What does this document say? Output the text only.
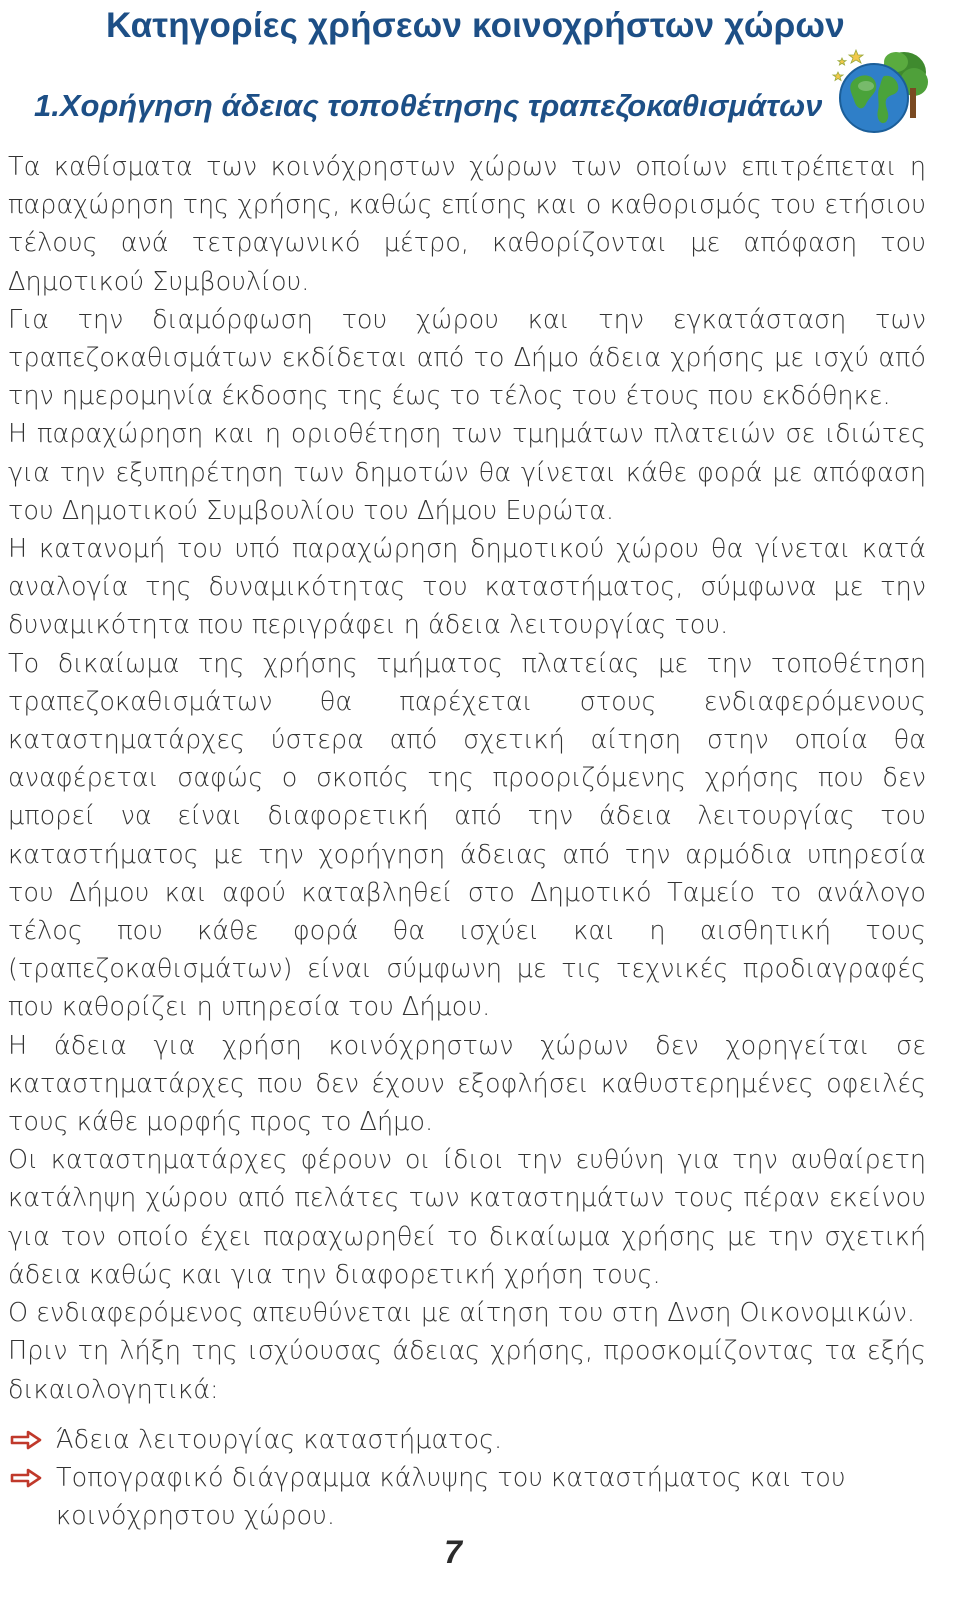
Κατηγορίες χρήσεων κοινοχρήστων χώρων
1.Χορήγηση άδειας τοποθέτησης τραπεζοκαθισμάτων

Τα καθίσματα των κοινόχρηστων χώρων των οποίων επιτρέπεται η παραχώρηση της χρήσης, καθώς επίσης και ο καθορισμός του ετήσιου τέλους ανά τετραγωνικό μέτρο, καθορίζονται με απόφαση του Δημοτικού Συμβουλίου.

Για την διαμόρφωση του χώρου και την εγκατάσταση των τραπεζοκαθισμάτων εκδίδεται από το Δήμο άδεια χρήσης με ισχύ από την ημερομηνία έκδοσης της έως το τέλος του έτους που εκδόθηκε.

Η παραχώρηση και η οριοθέτηση των τμημάτων πλατειών σε ιδιώτες για την εξυπηρέτηση των δημοτών θα γίνεται κάθε φορά με απόφαση του Δημοτικού Συμβουλίου του Δήμου Ευρώτα.

Η κατανομή του υπό παραχώρηση δημοτικού χώρου θα γίνεται κατά αναλογία της δυναμικότητας του καταστήματος, σύμφωνα με την δυναμικότητα που περιγράφει η άδεια λειτουργίας του.

Το δικαίωμα της χρήσης τμήματος πλατείας με την τοποθέτηση τραπεζοκαθισμάτων θα παρέχεται στους ενδιαφερόμενους καταστηματάρχες ύστερα από σχετική αίτηση στην οποία θα αναφέρεται σαφώς ο σκοπός της προοριζόμενης χρήσης που δεν μπορεί να είναι διαφορετική από την άδεια λειτουργίας του καταστήματος με την χορήγηση άδειας από την αρμόδια υπηρεσία του Δήμου και αφού καταβληθεί στο Δημοτικό Ταμείο το ανάλογο τέλος που κάθε φορά θα ισχύει και η αισθητική τους (τραπεζοκαθισμάτων) είναι σύμφωνη με τις τεχνικές προδιαγραφές που καθορίζει η υπηρεσία του Δήμου.

Η άδεια για χρήση κοινόχρηστων χώρων δεν χορηγείται σε καταστηματάρχες που δεν έχουν εξοφλήσει καθυστερημένες οφειλές τους κάθε μορφής προς το Δήμο.

Οι καταστηματάρχες φέρουν οι ίδιοι την ευθύνη για την αυθαίρετη κατάληψη χώρου από πελάτες των καταστημάτων τους πέραν εκείνου για τον οποίο έχει παραχωρηθεί το δικαίωμα χρήσης με την σχετική άδεια καθώς και για την διαφορετική χρήση τους.

Ο ενδιαφερόμενος απευθύνεται με αίτηση του στη Δνση Οικονομικών.

Πριν τη λήξη της ισχύουσας άδειας χρήσης, προσκομίζοντας τα εξής δικαιολογητικά:

Άδεια λειτουργίας καταστήματος.
Τοπογραφικό διάγραμμα κάλυψης του καταστήματος και του κοινόχρηστου χώρου.
7
